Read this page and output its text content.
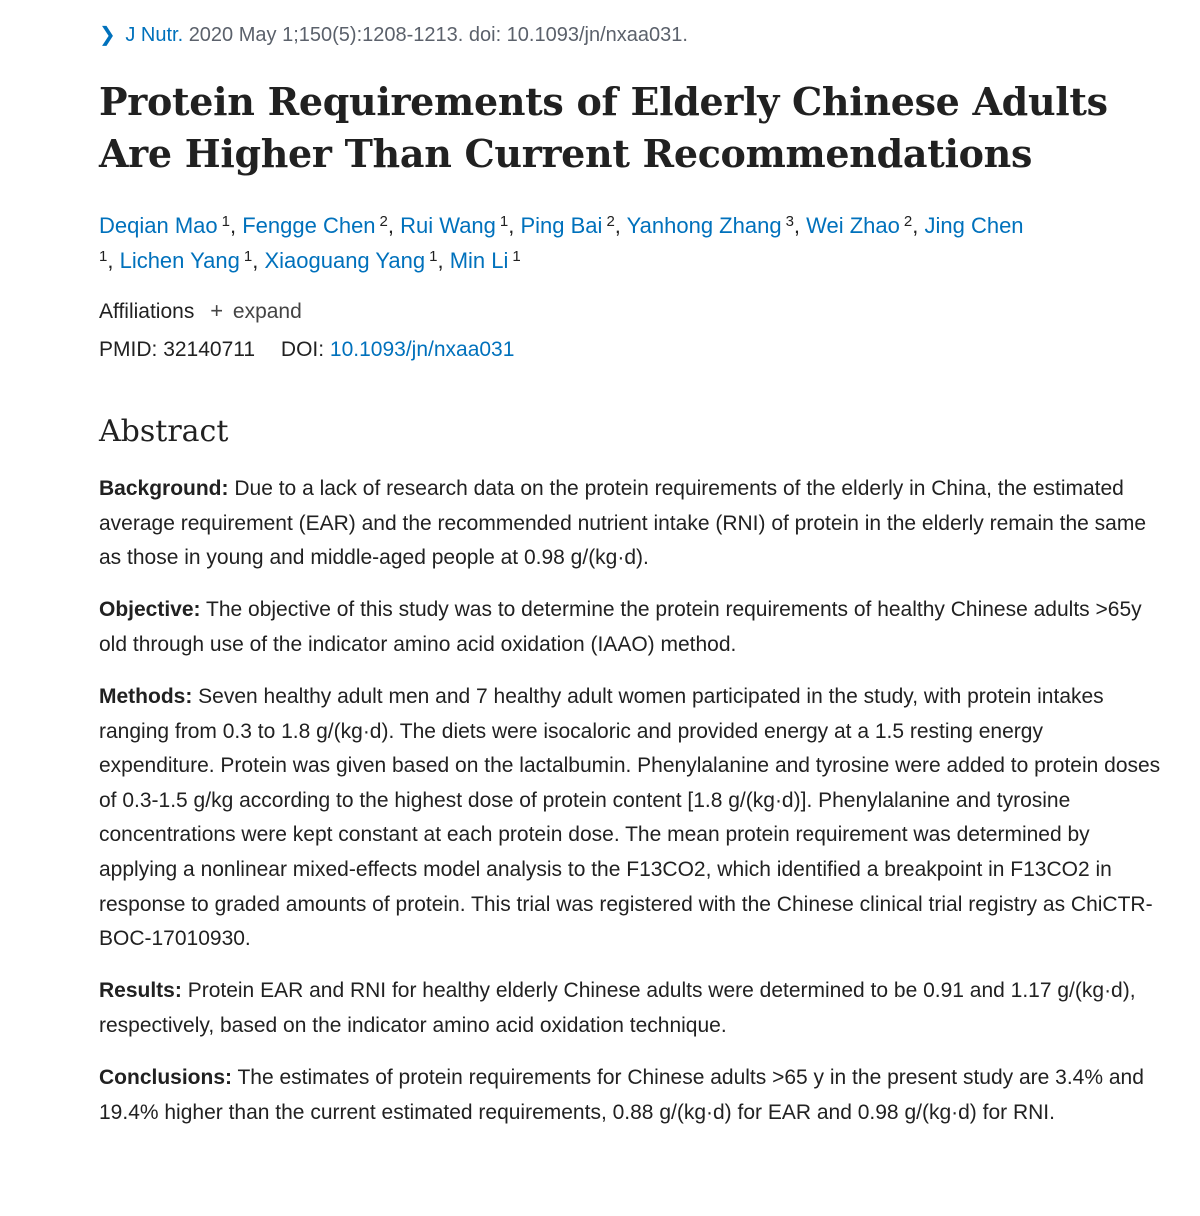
❯ J Nutr. 2020 May 1;150(5):1208-1213. doi: 10.1093/jn/nxaa031.
Protein Requirements of Elderly Chinese Adults Are Higher Than Current Recommendations
Deqian Mao $^1$, Fengge Chen $^2$, Rui Wang $^1$, Ping Bai $^2$, Yanhong Zhang $^3$, Wei Zhao $^2$, Jing Chen
$^1$, Lichen Yang $^1$, Xiaoguang Yang $^1$, Min Li $^1$
Affiliations + expand
PMID: 32140711 DOI: 10.1093/jn/nxaa031
Abstract

Background: Due to a lack of research data on the protein requirements of the elderly in China, the estimated average requirement (EAR) and the recommended nutrient intake (RNI) of protein in the elderly remain the same as those in young and middle-aged people at 0.98 g/(kg·d).

Objective: The objective of this study was to determine the protein requirements of healthy Chinese adults >65y old through use of the indicator amino acid oxidation (IAAO) method.

Methods: Seven healthy adult men and 7 healthy adult women participated in the study, with protein intakes ranging from 0.3 to 1.8 g/(kg·d). The diets were isocaloric and provided energy at a 1.5 resting energy expenditure. Protein was given based on the lactalbumin. Phenylalanine and tyrosine were added to protein doses of 0.3-1.5 g/kg according to the highest dose of protein content [1.8 g/(kg·d)]. Phenylalanine and tyrosine concentrations were kept constant at each protein dose. The mean protein requirement was determined by applying a nonlinear mixed-effects model analysis to the F13CO2, which identified a breakpoint in F13CO2 in response to graded amounts of protein. This trial was registered with the Chinese clinical trial registry as ChiCTR-BOC-17010930.

Results: Protein EAR and RNI for healthy elderly Chinese adults were determined to be 0.91 and 1.17 g/(kg·d), respectively, based on the indicator amino acid oxidation technique.

Conclusions: The estimates of protein requirements for Chinese adults >65 y in the present study are 3.4% and 19.4% higher than the current estimated requirements, 0.88 g/(kg·d) for EAR and 0.98 g/(kg·d) for RNI.
